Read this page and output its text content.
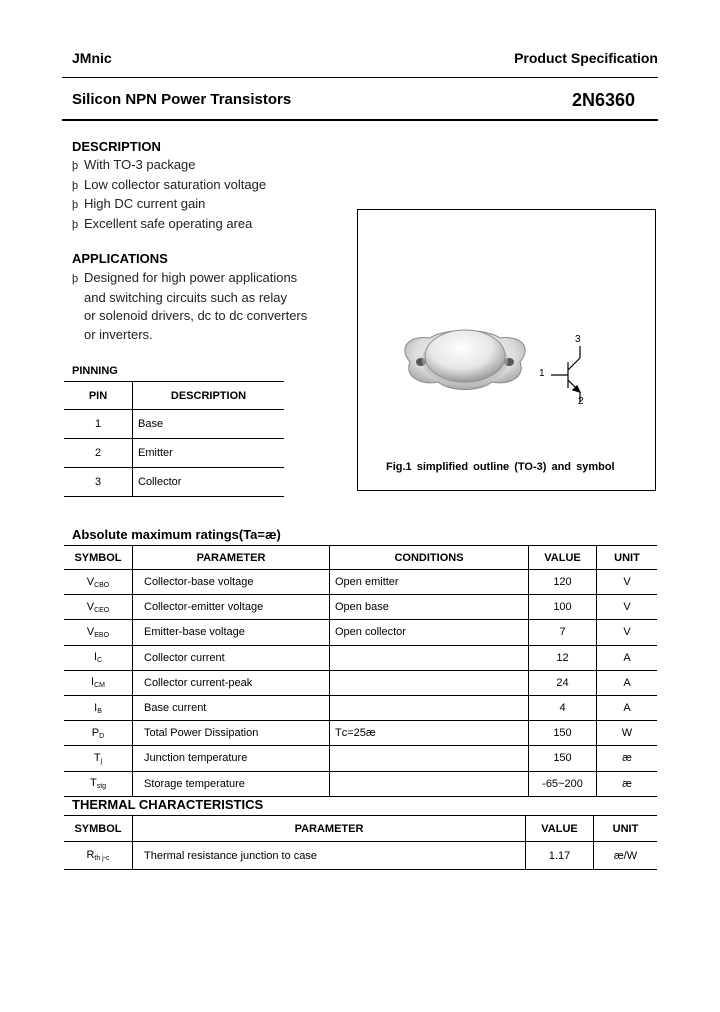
JMnic	Product Specification
Silicon NPN Power Transistors	2N6360
DESCRIPTION
þ With TO-3 package
þ Low collector saturation voltage
þ High DC current gain
þ Excellent safe operating area
APPLICATIONS
þ Designed for high power applications
and switching circuits such as relay
or solenoid drivers, dc to dc converters
or inverters.
PINNING
PIN	DESCRIPTION
1	Base
2	Emitter
3	Collector
3
1
2
Fig.1 simplified outline (TO-3) and symbol
Absolute maximum ratings(Ta=æ)
SYMBOL	PARAMETER	CONDITIONS	VALUE	UNIT
$V_{CBO}$	Collector-base voltage	Open emitter	120	V
$V_{CEO}$	Collector-emitter voltage	Open base	100	V
$V_{EBO}$	Emitter-base voltage	Open collector	7	V
$I_C$	Collector current		12	A
$I_{CM}$	Collector current-peak		24	A
$I_B$	Base current		4	A
$P_D$	Total Power Dissipation	Tᴄ=25æ	150	W
$T_j$	Junction temperature		150	æ
$T_{stg}$	Storage temperature		-65~200	æ
THERMAL CHARACTERISTICS
SYMBOL	PARAMETER	VALUE	UNIT
$R_{th j-c}$	Thermal resistance junction to case	1.17	æ/W
